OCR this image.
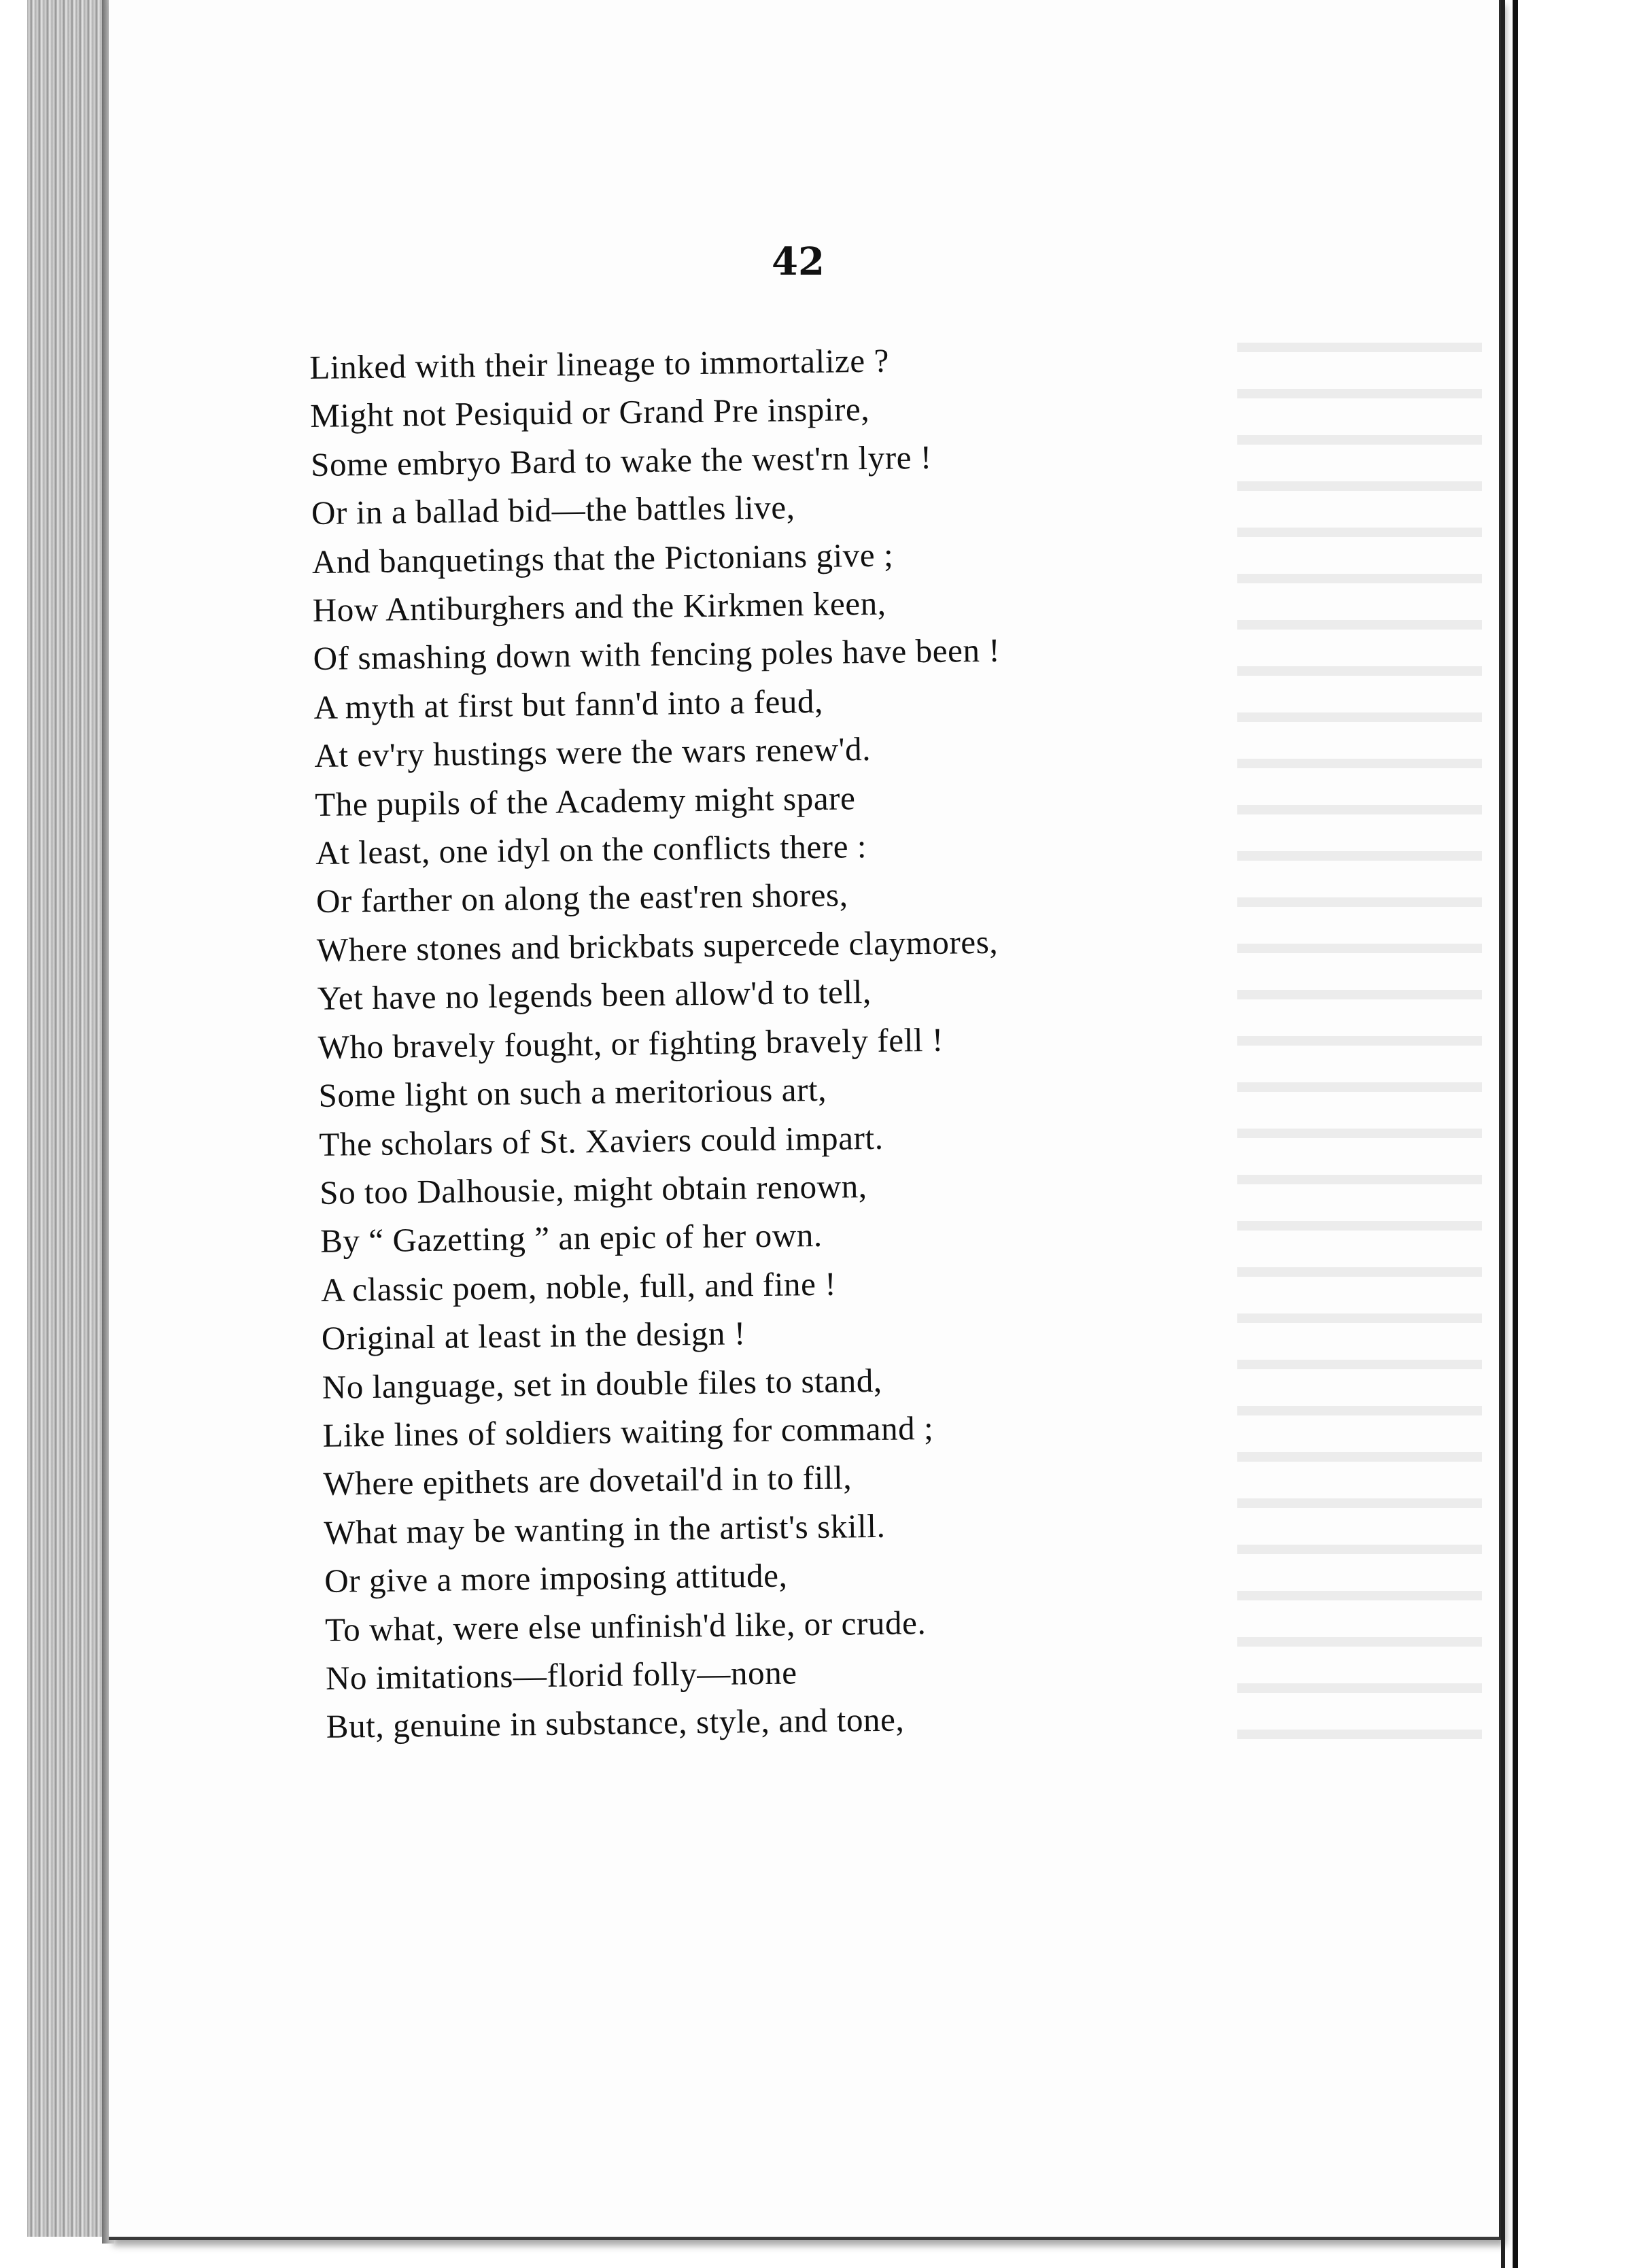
42

Linked with their lineage to immortalize ?
Might not Pesiquid or Grand Pre inspire,
Some embryo Bard to wake the west'rn lyre !
Or in a ballad bid—the battles live,
And banquetings that the Pictonians give ;
How Antiburghers and the Kirkmen keen,
Of smashing down with fencing poles have been !
A myth at first but fann'd into a feud,
At ev'ry hustings were the wars renew'd.
The pupils of the Academy might spare
At least, one idyl on the conflicts there :
Or farther on along the east'ren shores,
Where stones and brickbats supercede claymores,
Yet have no legends been allow'd to tell,
Who bravely fought, or fighting bravely fell !
Some light on such a meritorious art,
The scholars of St. Xaviers could impart.
So too Dalhousie, might obtain renown,
By “ Gazetting ” an epic of her own.
A classic poem, noble, full, and fine !
Original at least in the design !
No language, set in double files to stand,
Like lines of soldiers waiting for command ;
Where epithets are dovetail'd in to fill,
What may be wanting in the artist's skill.
Or give a more imposing attitude,
To what, were else unfinish'd like, or crude.
No imitations—florid folly—none
But, genuine in substance, style, and tone,
